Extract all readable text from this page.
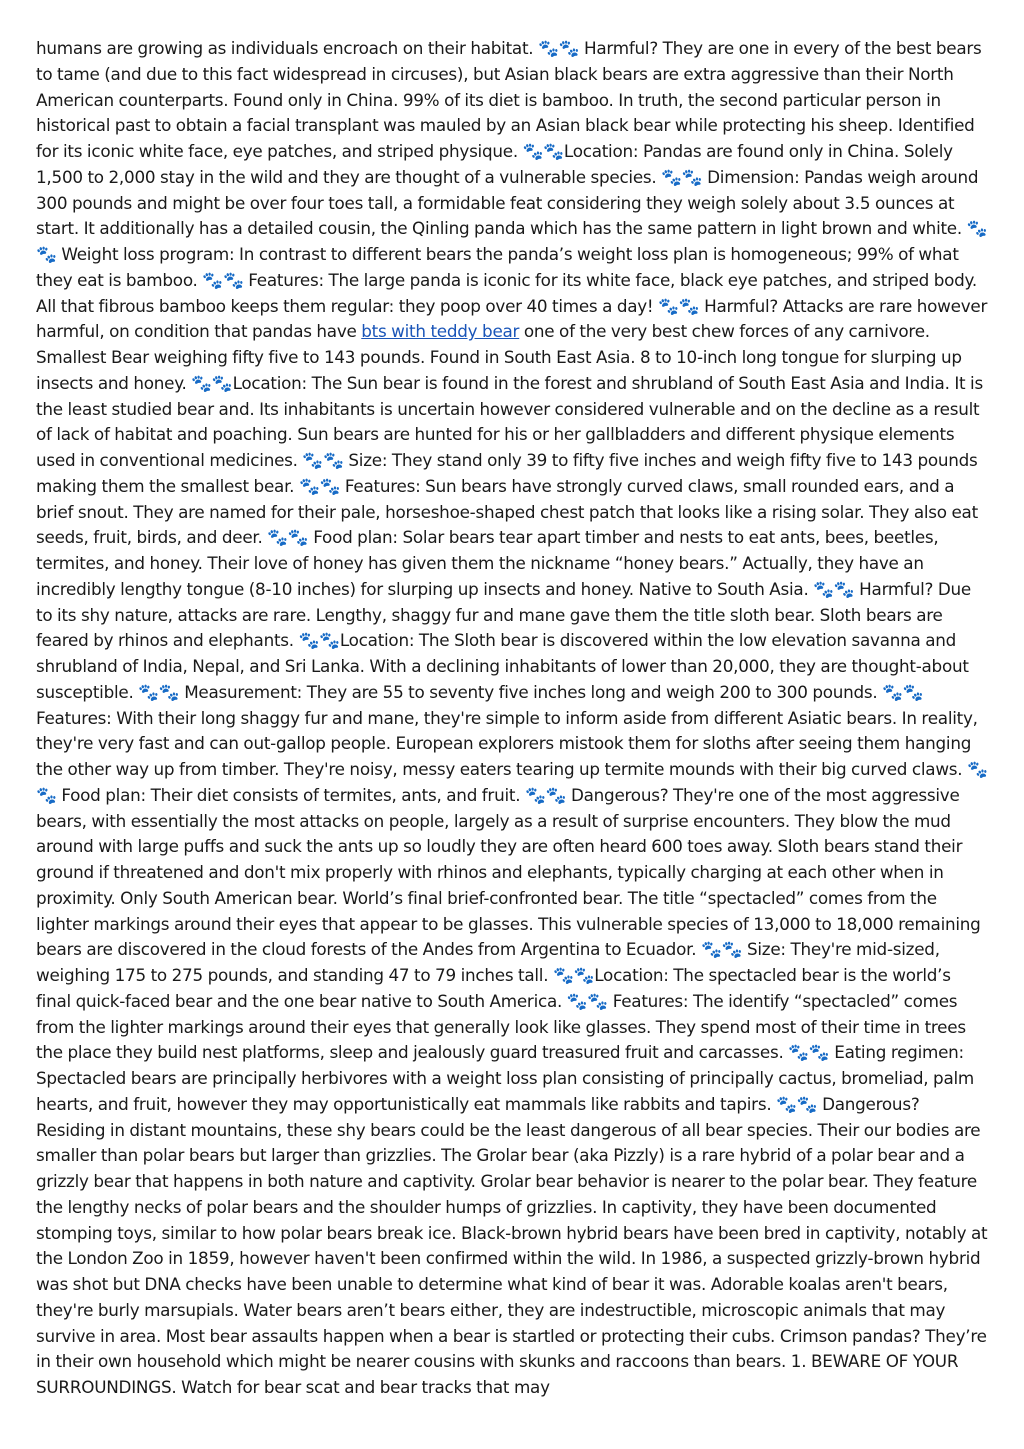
humans are growing as individuals encroach on their habitat. 🐾🐾 Harmful? They are one in every of the best bears to tame (and due to this fact widespread in circuses), but Asian black bears are extra aggressive than their North American counterparts. Found only in China. 99% of its diet is bamboo. In truth, the second particular person in historical past to obtain a facial transplant was mauled by an Asian black bear while protecting his sheep. Identified for its iconic white face, eye patches, and striped physique. 🐾🐾Location: Pandas are found only in China. Solely 1,500 to 2,000 stay in the wild and they are thought of a vulnerable species. 🐾🐾 Dimension: Pandas weigh around 300 pounds and might be over four toes tall, a formidable feat considering they weigh solely about 3.5 ounces at start. It additionally has a detailed cousin, the Qinling panda which has the same pattern in light brown and white. 🐾🐾 Weight loss program: In contrast to different bears the panda’s weight loss plan is homogeneous; 99% of what they eat is bamboo. 🐾🐾 Features: The large panda is iconic for its white face, black eye patches, and striped body. All that fibrous bamboo keeps them regular: they poop over 40 times a day! 🐾🐾 Harmful? Attacks are rare however harmful, on condition that pandas have bts with teddy bear one of the very best chew forces of any carnivore. Smallest Bear weighing fifty five to 143 pounds. Found in South East Asia. 8 to 10-inch long tongue for slurping up insects and honey. 🐾🐾Location: The Sun bear is found in the forest and shrubland of South East Asia and India. It is the least studied bear and. Its inhabitants is uncertain however considered vulnerable and on the decline as a result of lack of habitat and poaching. Sun bears are hunted for his or her gallbladders and different physique elements used in conventional medicines. 🐾🐾 Size: They stand only 39 to fifty five inches and weigh fifty five to 143 pounds making them the smallest bear. 🐾🐾 Features: Sun bears have strongly curved claws, small rounded ears, and a brief snout. They are named for their pale, horseshoe-shaped chest patch that looks like a rising solar. They also eat seeds, fruit, birds, and deer. 🐾🐾 Food plan: Solar bears tear apart timber and nests to eat ants, bees, beetles, termites, and honey. Their love of honey has given them the nickname “honey bears.” Actually, they have an incredibly lengthy tongue (8-10 inches) for slurping up insects and honey. Native to South Asia. 🐾🐾 Harmful? Due to its shy nature, attacks are rare. Lengthy, shaggy fur and mane gave them the title sloth bear. Sloth bears are feared by rhinos and elephants. 🐾🐾Location: The Sloth bear is discovered within the low elevation savanna and shrubland of India, Nepal, and Sri Lanka. With a declining inhabitants of lower than 20,000, they are thought-about susceptible. 🐾🐾 Measurement: They are 55 to seventy five inches long and weigh 200 to 300 pounds. 🐾🐾 Features: With their long shaggy fur and mane, they're simple to inform aside from different Asiatic bears. In reality, they're very fast and can out-gallop people. European explorers mistook them for sloths after seeing them hanging the other way up from timber. They're noisy, messy eaters tearing up termite mounds with their big curved claws. 🐾🐾 Food plan: Their diet consists of termites, ants, and fruit. 🐾🐾 Dangerous? They're one of the most aggressive bears, with essentially the most attacks on people, largely as a result of surprise encounters. They blow the mud around with large puffs and suck the ants up so loudly they are often heard 600 toes away. Sloth bears stand their ground if threatened and don't mix properly with rhinos and elephants, typically charging at each other when in proximity. Only South American bear. World’s final brief-confronted bear. The title “spectacled” comes from the lighter markings around their eyes that appear to be glasses. This vulnerable species of 13,000 to 18,000 remaining bears are discovered in the cloud forests of the Andes from Argentina to Ecuador. 🐾🐾 Size: They're mid-sized, weighing 175 to 275 pounds, and standing 47 to 79 inches tall. 🐾🐾Location: The spectacled bear is the world’s final quick-faced bear and the one bear native to South America. 🐾🐾 Features: The identify “spectacled” comes from the lighter markings around their eyes that generally look like glasses. They spend most of their time in trees the place they build nest platforms, sleep and jealously guard treasured fruit and carcasses. 🐾🐾 Eating regimen: Spectacled bears are principally herbivores with a weight loss plan consisting of principally cactus, bromeliad, palm hearts, and fruit, however they may opportunistically eat mammals like rabbits and tapirs. 🐾🐾 Dangerous? Residing in distant mountains, these shy bears could be the least dangerous of all bear species. Their our bodies are smaller than polar bears but larger than grizzlies. The Grolar bear (aka Pizzly) is a rare hybrid of a polar bear and a grizzly bear that happens in both nature and captivity. Grolar bear behavior is nearer to the polar bear. They feature the lengthy necks of polar bears and the shoulder humps of grizzlies. In captivity, they have been documented stomping toys, similar to how polar bears break ice. Black-brown hybrid bears have been bred in captivity, notably at the London Zoo in 1859, however haven't been confirmed within the wild. In 1986, a suspected grizzly-brown hybrid was shot but DNA checks have been unable to determine what kind of bear it was. Adorable koalas aren't bears, they're burly marsupials. Water bears aren’t bears either, they are indestructible, microscopic animals that may survive in area. Most bear assaults happen when a bear is startled or protecting their cubs. Crimson pandas? They’re in their own household which might be nearer cousins with skunks and raccoons than bears. 1. BEWARE OF YOUR SURROUNDINGS. Watch for bear scat and bear tracks that may
